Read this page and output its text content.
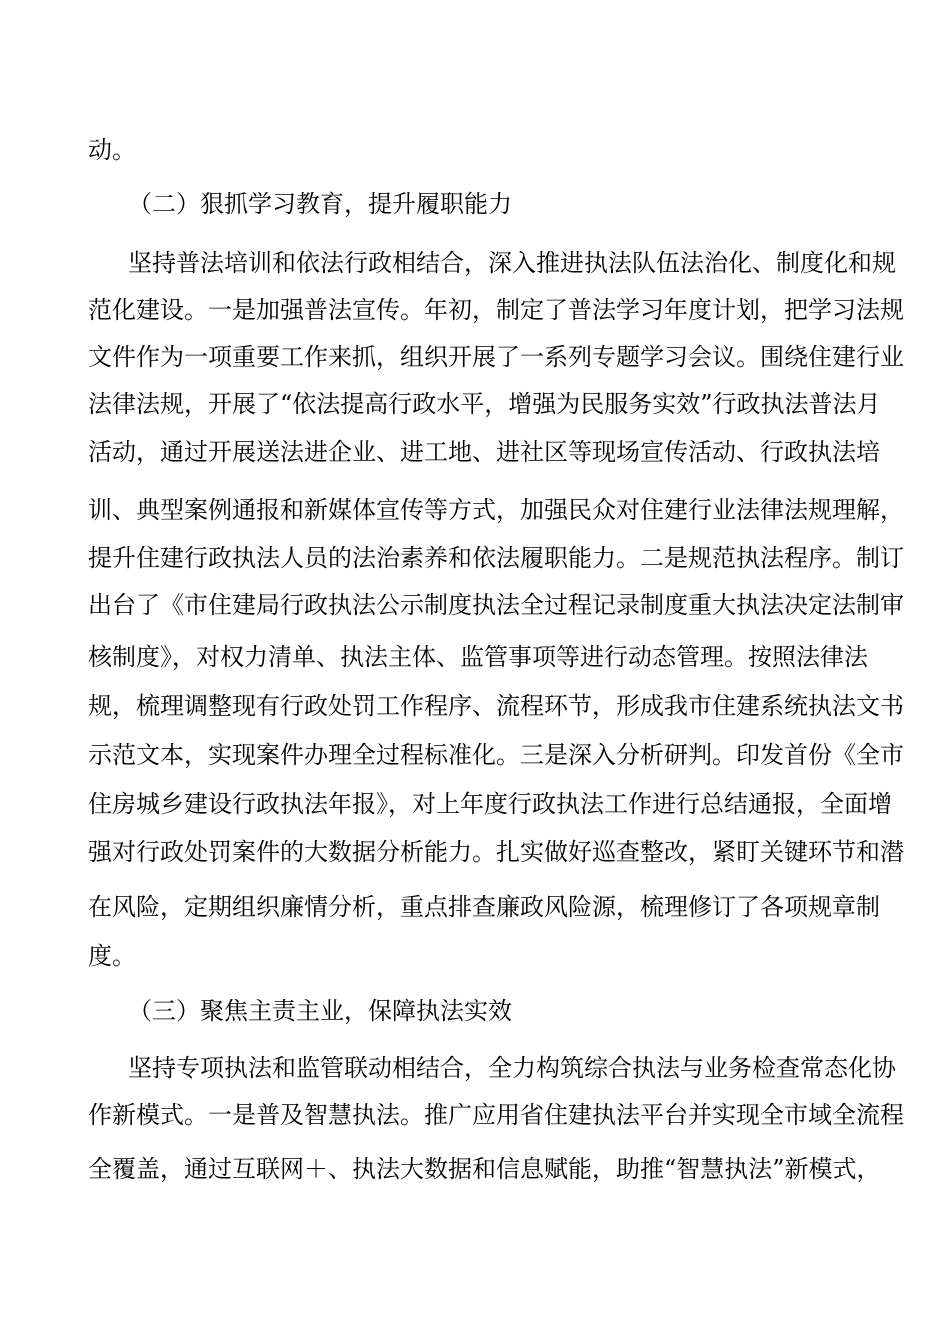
动。
（二）狠抓学习教育，提升履职能力
坚持普法培训和依法行政相结合，深入推进执法队伍法治化、制度化和规
范化建设。一是加强普法宣传。年初，制定了普法学习年度计划，把学习法规
文件作为一项重要工作来抓，组织开展了一系列专题学习会议。围绕住建行业
法律法规，开展了“依法提高行政水平，增强为民服务实效”行政执法普法月
活动，通过开展送法进企业、进工地、进社区等现场宣传活动、行政执法培
训、典型案例通报和新媒体宣传等方式，加强民众对住建行业法律法规理解，
提升住建行政执法人员的法治素养和依法履职能力。二是规范执法程序。制订
出台了《市住建局行政执法公示制度执法全过程记录制度重大执法决定法制审
核制度》，对权力清单、执法主体、监管事项等进行动态管理。按照法律法
规，梳理调整现有行政处罚工作程序、流程环节，形成我市住建系统执法文书
示范文本，实现案件办理全过程标准化。三是深入分析研判。印发首份《全市
住房城乡建设行政执法年报》，对上年度行政执法工作进行总结通报，全面增
强对行政处罚案件的大数据分析能力。扎实做好巡查整改，紧盯关键环节和潜
在风险，定期组织廉情分析，重点排查廉政风险源，梳理修订了各项规章制
度。
（三）聚焦主责主业，保障执法实效
坚持专项执法和监管联动相结合，全力构筑综合执法与业务检查常态化协
作新模式。一是普及智慧执法。推广应用省住建执法平台并实现全市域全流程
全覆盖，通过互联网＋、执法大数据和信息赋能，助推“智慧执法”新模式，
